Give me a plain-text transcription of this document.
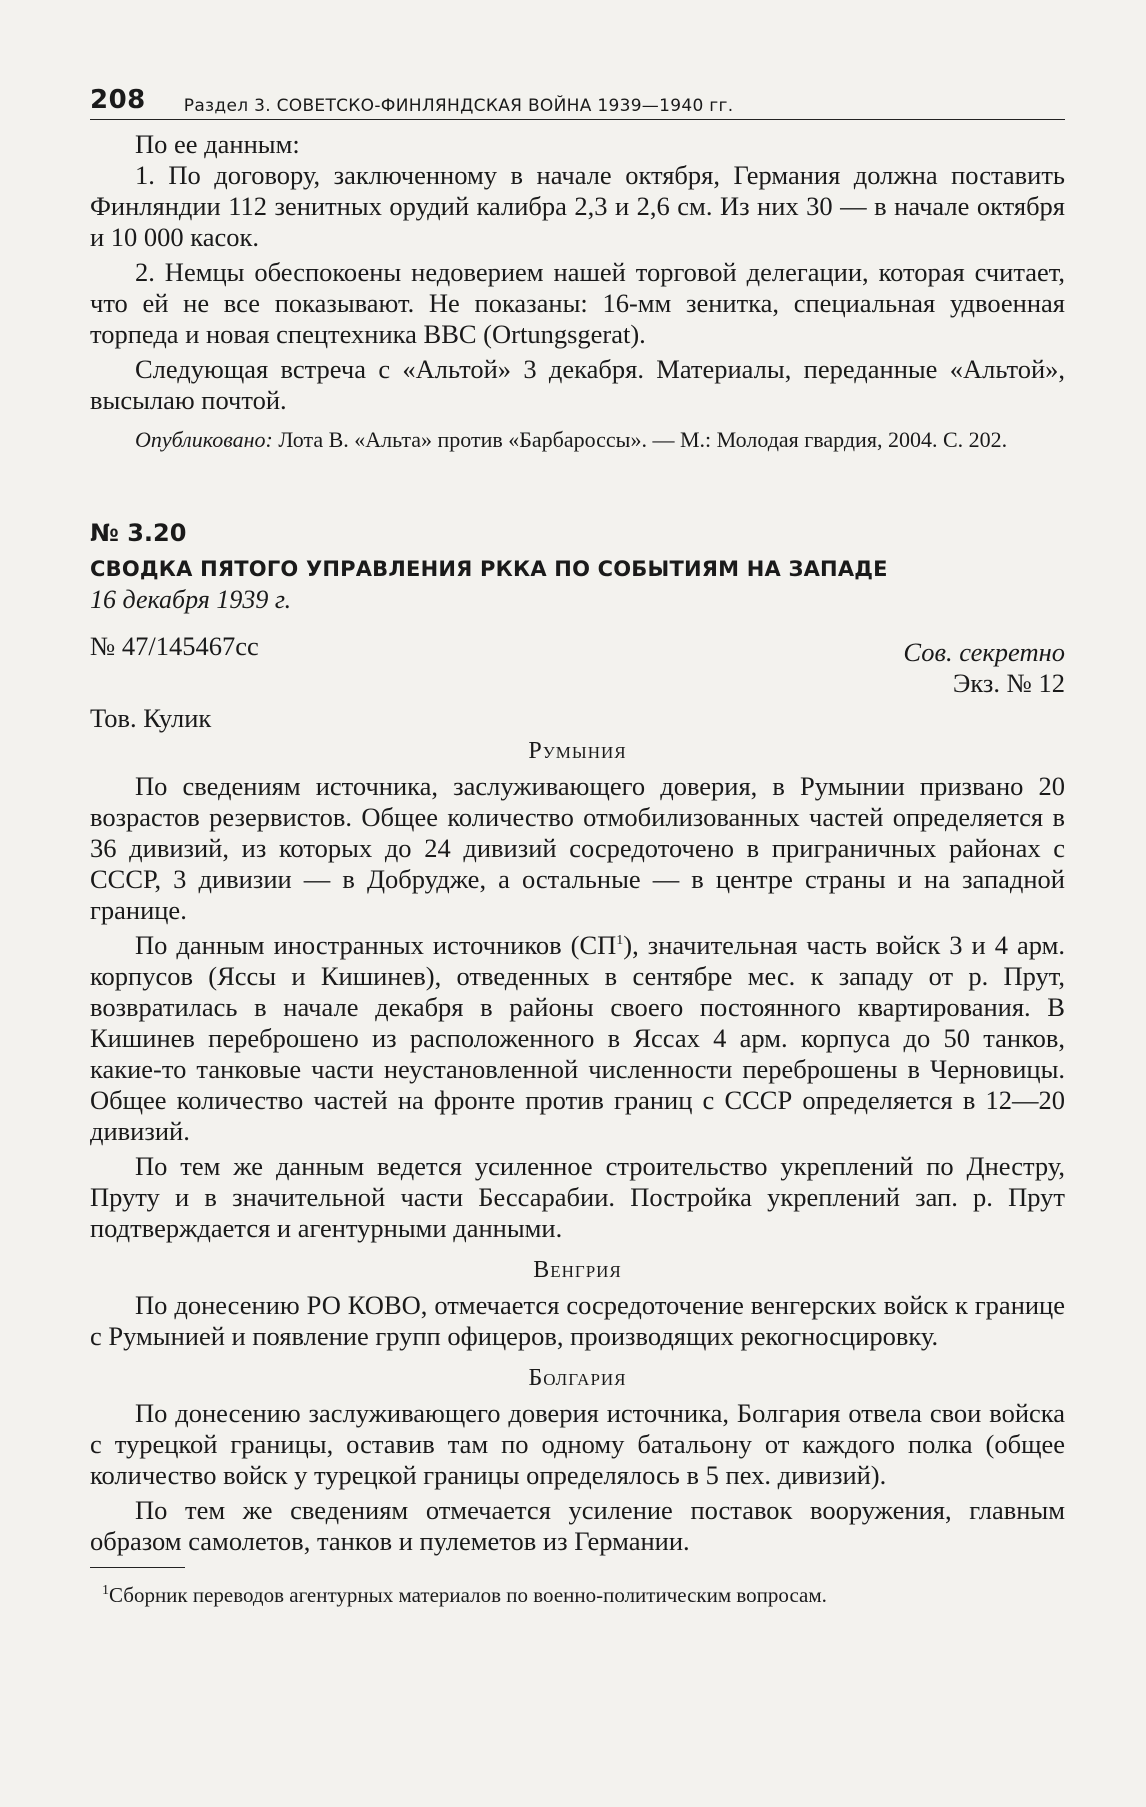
208 Раздел 3. СОВЕТСКО-ФИНЛЯНДСКАЯ ВОЙНА 1939—1940 гг.

По ее данным:

1. По договору, заключенному в начале октября, Германия должна поставить Финляндии 112 зенитных орудий калибра 2,3 и 2,6 см. Из них 30 — в начале октября и 10 000 касок.

2. Немцы обеспокоены недоверием нашей торговой делегации, которая считает, что ей не все показывают. Не показаны: 16-мм зенитка, специальная удвоенная торпеда и новая спецтехника ВВС (Ortungsgerat).

Следующая встреча с «Альтой» 3 декабря. Материалы, переданные «Альтой», высылаю почтой.

Опубликовано: Лота В. «Альта» против «Барбароссы». — М.: Молодая гвардия, 2004. С. 202.

№ 3.20
СВОДКА ПЯТОГО УПРАВЛЕНИЯ РККА ПО СОБЫТИЯМ НА ЗАПАДЕ
16 декабря 1939 г.
№ 47/145467сс	Сов. секретно
Экз. № 12
Тов. Кулик
Румыния

По сведениям источника, заслуживающего доверия, в Румынии призвано 20 возрастов резервистов. Общее количество отмобилизованных частей определяется в 36 дивизий, из которых до 24 дивизий сосредоточено в приграничных районах с СССР, 3 дивизии — в Добрудже, а остальные — в центре страны и на западной границе.

По данным иностранных источников $(СП^1)$, значительная часть войск 3 и 4 арм. корпусов (Яссы и Кишинев), отведенных в сентябре мес. к западу от р. Прут, возвратилась в начале декабря в районы своего постоянного квартирования. В Кишинев переброшено из расположенного в Яссах 4 арм. корпуса до 50 танков, какие-то танковые части неустановленной численности переброшены в Черновицы. Общее количество частей на фронте против границ с СССР определяется в 12—20 дивизий.

По тем же данным ведется усиленное строительство укреплений по Днестру, Пруту и в значительной части Бессарабии. Постройка укреплений зап. р. Прут подтверждается и агентурными данными.

Венгрия

По донесению РО КОВО, отмечается сосредоточение венгерских войск к границе с Румынией и появление групп офицеров, производящих рекогносцировку.

Болгария

По донесению заслуживающего доверия источника, Болгария отвела свои войска с турецкой границы, оставив там по одному батальону от каждого полка (общее количество войск у турецкой границы определялось в 5 пех. дивизий).

По тем же сведениям отмечается усиление поставок вооружения, главным образом самолетов, танков и пулеметов из Германии.

$^1$Сборник переводов агентурных материалов по военно-политическим вопросам.
